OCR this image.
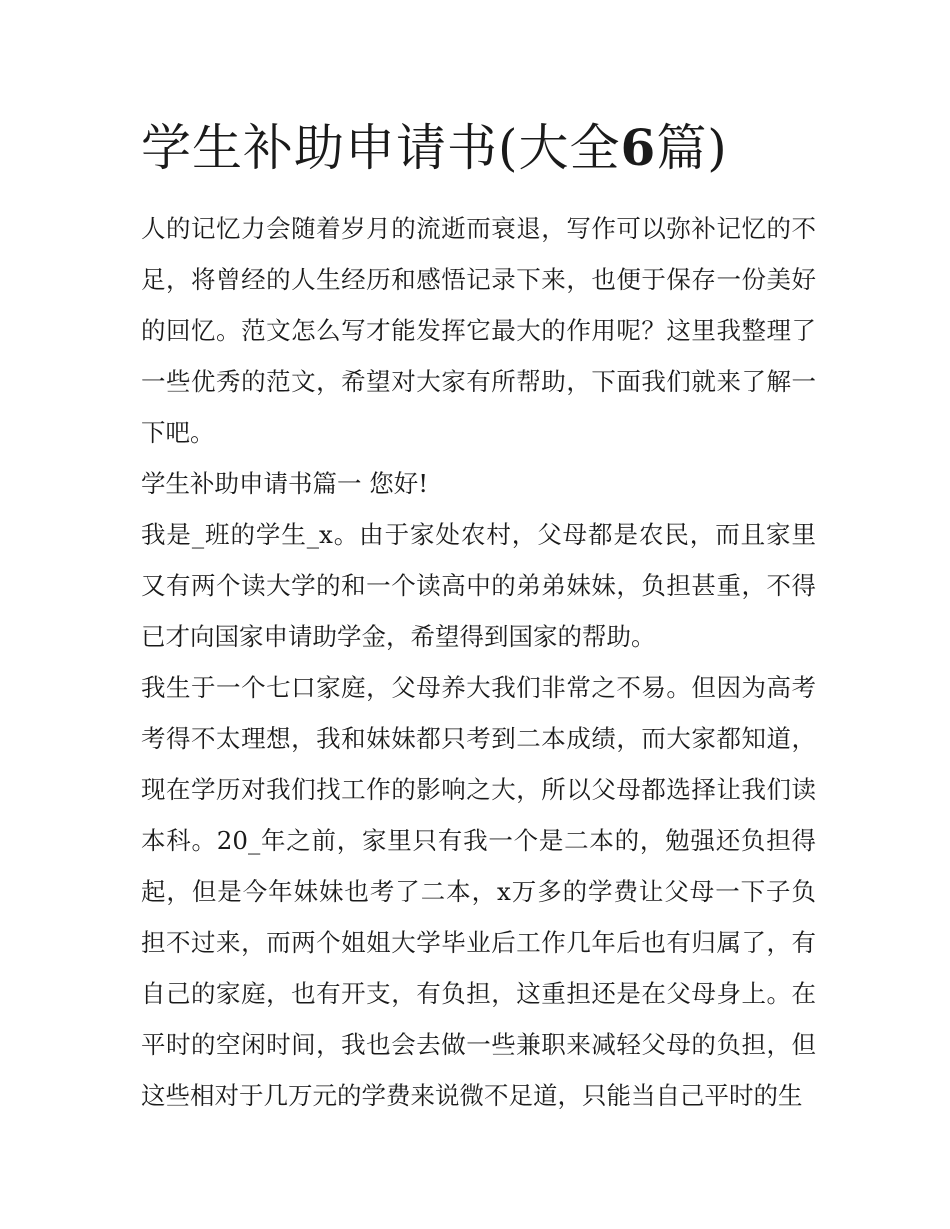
学生补助申请书(大全6篇)

人的记忆力会随着岁月的流逝而衰退，写作可以弥补记忆的不足，将曾经的人生经历和感悟记录下来，也便于保存一份美好的回忆。范文怎么写才能发挥它最大的作用呢？这里我整理了一些优秀的范文，希望对大家有所帮助，下面我们就来了解一下吧。

学生补助申请书篇一 您好!

我是_班的学生_x。由于家处农村，父母都是农民，而且家里又有两个读大学的和一个读高中的弟弟妹妹，负担甚重，不得已才向国家申请助学金，希望得到国家的帮助。

我生于一个七口家庭，父母养大我们非常之不易。但因为高考考得不太理想，我和妹妹都只考到二本成绩，而大家都知道，现在学历对我们找工作的影响之大，所以父母都选择让我们读本科。20_年之前，家里只有我一个是二本的，勉强还负担得起，但是今年妹妹也考了二本，x万多的学费让父母一下子负担不过来，而两个姐姐大学毕业后工作几年后也有归属了，有自己的家庭，也有开支，有负担，这重担还是在父母身上。在平时的空闲时间，我也会去做一些兼职来减轻父母的负担，但这些相对于几万元的学费来说微不足道，只能当自己平时的生
